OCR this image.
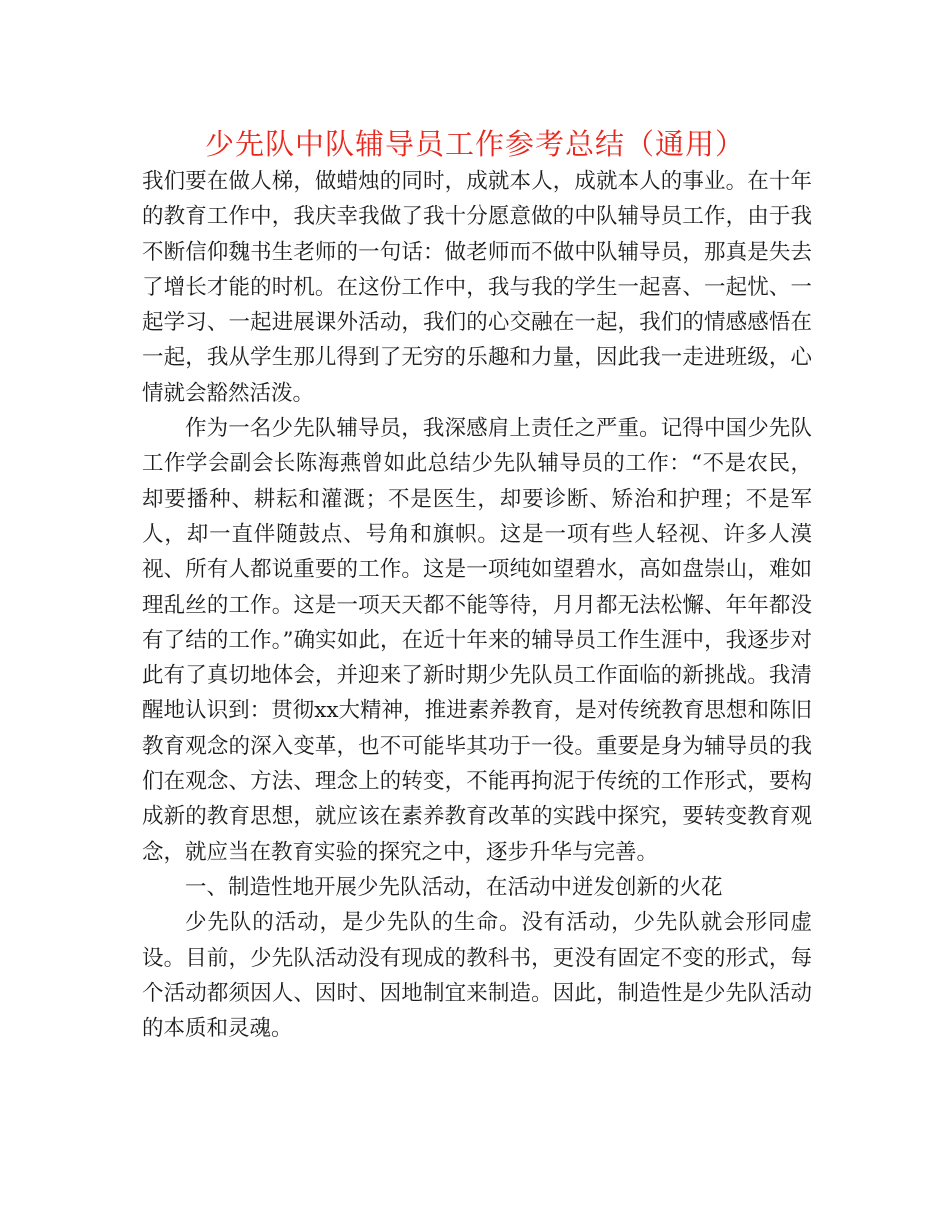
少先队中队辅导员工作参考总结（通用）

我们要在做人梯，做蜡烛的同时，成就本人，成就本人的事业。在十年的教育工作中，我庆幸我做了我十分愿意做的中队辅导员工作，由于我不断信仰魏书生老师的一句话：做老师而不做中队辅导员，那真是失去了增长才能的时机。在这份工作中，我与我的学生一起喜、一起忧、一起学习、一起进展课外活动，我们的心交融在一起，我们的情感感悟在一起，我从学生那儿得到了无穷的乐趣和力量，因此我一走进班级，心情就会豁然活泼。

作为一名少先队辅导员，我深感肩上责任之严重。记得中国少先队工作学会副会长陈海燕曾如此总结少先队辅导员的工作：“不是农民，却要播种、耕耘和灌溉；不是医生，却要诊断、矫治和护理；不是军人，却一直伴随鼓点、号角和旗帜。这是一项有些人轻视、许多人漠视、所有人都说重要的工作。这是一项纯如望碧水，高如盘崇山，难如理乱丝的工作。这是一项天天都不能等待，月月都无法松懈、年年都没有了结的工作。”确实如此，在近十年来的辅导员工作生涯中，我逐步对此有了真切地体会，并迎来了新时期少先队员工作面临的新挑战。我清醒地认识到：贯彻xx大精神，推进素养教育，是对传统教育思想和陈旧教育观念的深入变革，也不可能毕其功于一役。重要是身为辅导员的我们在观念、方法、理念上的转变，不能再拘泥于传统的工作形式，要构成新的教育思想，就应该在素养教育改革的实践中探究，要转变教育观念，就应当在教育实验的探究之中，逐步升华与完善。

一、制造性地开展少先队活动，在活动中迸发创新的火花

少先队的活动，是少先队的生命。没有活动，少先队就会形同虚设。目前，少先队活动没有现成的教科书，更没有固定不变的形式，每个活动都须因人、因时、因地制宜来制造。因此，制造性是少先队活动的本质和灵魂。
